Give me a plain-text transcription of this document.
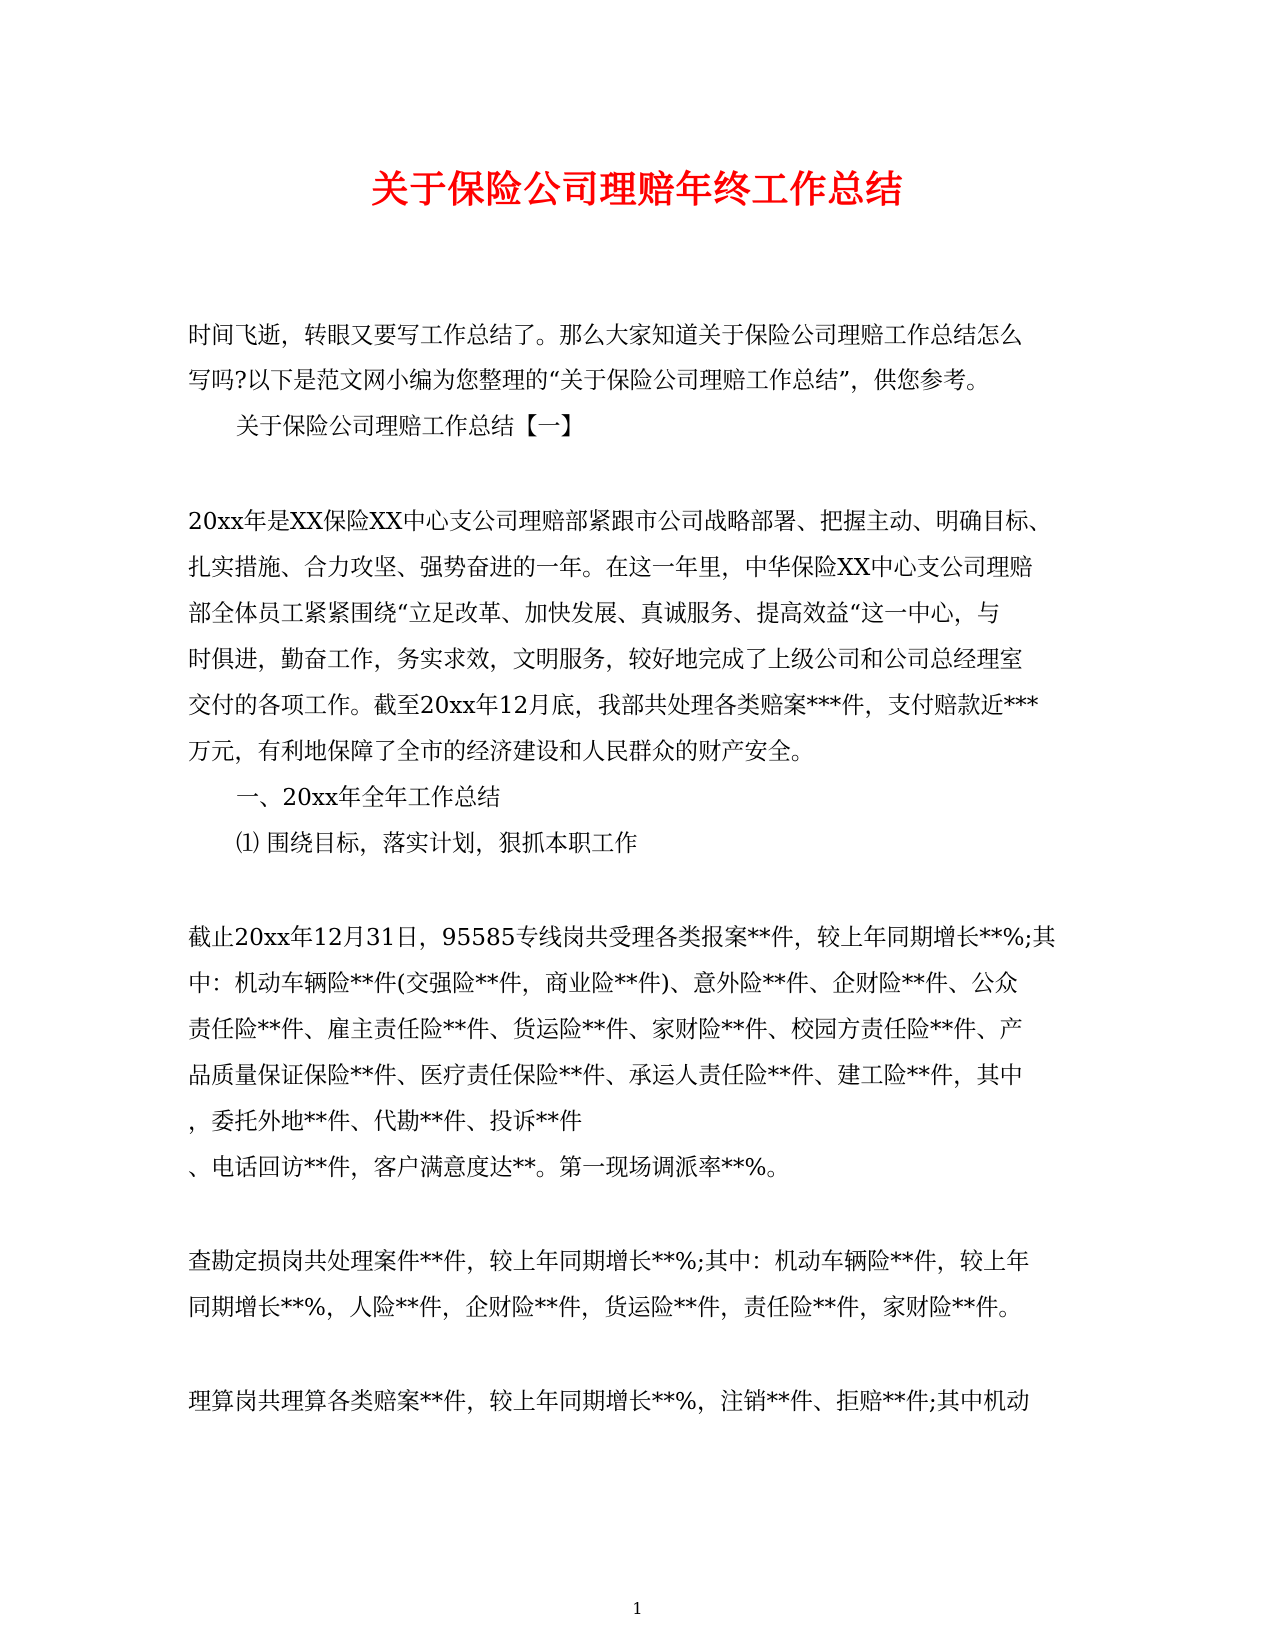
关于保险公司理赔年终工作总结
时间飞逝，转眼又要写工作总结了。那么大家知道关于保险公司理赔工作总结怎么
写吗?以下是范文网小编为您整理的“关于保险公司理赔工作总结”，供您参考。
关于保险公司理赔工作总结【一】
20xx年是XX保险XX中心支公司理赔部紧跟市公司战略部署、把握主动、明确目标、
扎实措施、合力攻坚、强势奋进的一年。在这一年里，中华保险XX中心支公司理赔
部全体员工紧紧围绕“立足改革、加快发展、真诚服务、提高效益“这一中心，与
时俱进，勤奋工作，务实求效，文明服务，较好地完成了上级公司和公司总经理室
交付的各项工作。截至20xx年12月底，我部共处理各类赔案***件，支付赔款近***
万元，有利地保障了全市的经济建设和人民群众的财产安全。
一、20xx年全年工作总结
⑴ 围绕目标，落实计划，狠抓本职工作
截止20xx年12月31日，95585专线岗共受理各类报案**件，较上年同期增长**%;其
中：机动车辆险**件(交强险**件，商业险**件)、意外险**件、企财险**件、公众
责任险**件、雇主责任险**件、货运险**件、家财险**件、校园方责任险**件、产
品质量保证保险**件、医疗责任保险**件、承运人责任险**件、建工险**件，其中
，委托外地**件、代勘**件、投诉**件
、电话回访**件，客户满意度达**。第一现场调派率**%。
查勘定损岗共处理案件**件，较上年同期增长**%;其中：机动车辆险**件，较上年
同期增长**%，人险**件，企财险**件，货运险**件，责任险**件，家财险**件。
理算岗共理算各类赔案**件，较上年同期增长**%，注销**件、拒赔**件;其中机动
1
